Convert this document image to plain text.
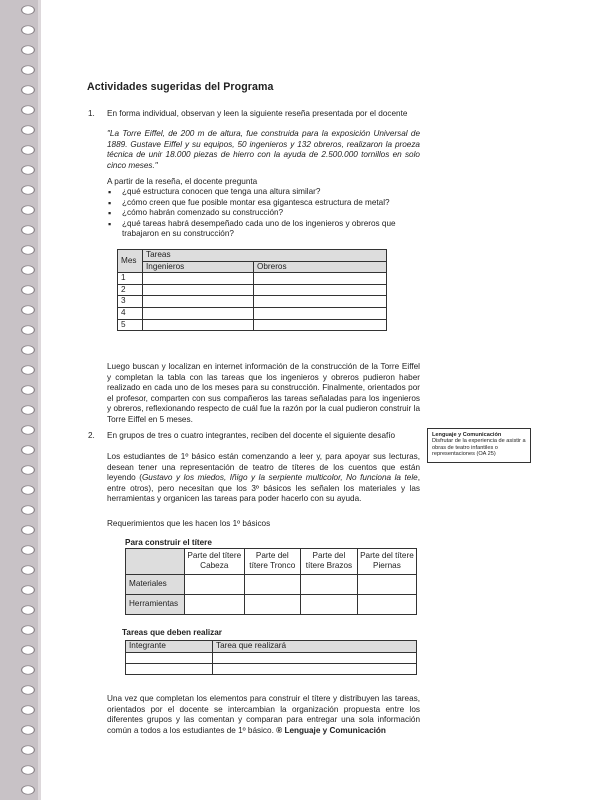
Actividades sugeridas del Programa
1. En forma individual, observan y leen la siguiente reseña presentada por el docente
"La Torre Eiffel, de 200 m de altura, fue construida para la exposición Universal de 1889. Gustave Eiffel y su equipos, 50 ingenieros y 132 obreros, realizaron la proeza técnica de unir 18.000 piezas de hierro con la ayuda de 2.500.000 tornillos en solo cinco meses."
A partir de la reseña, el docente pregunta
▪ ¿qué estructura conocen que tenga una altura similar?
▪ ¿cómo creen que fue posible montar esa gigantesca estructura de metal?
▪ ¿cómo habrán comenzado su construcción?
▪ ¿qué tareas habrá desempeñado cada uno de los ingenieros y obreros que trabajaron en su construcción?
Mes	Tareas	
	Ingenieros	Obreros
1		
2		
3		
4		
5		
Luego buscan y localizan en internet información de la construcción de la Torre Eiffel y completan la tabla con las tareas que los ingenieros y obreros pudieron haber realizado en cada uno de los meses para su construcción. Finalmente, orientados por el profesor, comparten con sus compañeros las tareas señaladas para los ingenieros y obreros, reflexionando respecto de cuál fue la razón por la cual pudieron construir la Torre Eiffel en 5 meses.
2. En grupos de tres o cuatro integrantes, reciben del docente el siguiente desafío
Los estudiantes de 1º básico están comenzando a leer y, para apoyar sus lecturas, desean tener una representación de teatro de títeres de los cuentos que están leyendo (Gustavo y los miedos, Iñigo y la serpiente multicolor, No funciona la tele, entre otros), pero necesitan que los 3º básicos les señalen los materiales y las herramientas y organicen las tareas para poder hacerlo con su ayuda.
Requerimientos que les hacen los 1º básicos
Para construir el títere
	Parte del títere Cabeza	Parte del títere Tronco	Parte del títere Brazos	Parte del títere Piernas
Materiales				
Herramientas				
Tareas que deben realizar
Integrante	Tarea que realizará

Una vez que completan los elementos para construir el títere y distribuyen las tareas, orientados por el docente se intercambian la organización propuesta entre los diferentes grupos y las comentan y comparan para entregar una sola información común a todos a los estudiantes de 1º básico. ® Lenguaje y Comunicación
Lenguaje y Comunicación
Disfrutar de la experiencia de asistir a obras de teatro infantiles o representaciones (OA 25)
